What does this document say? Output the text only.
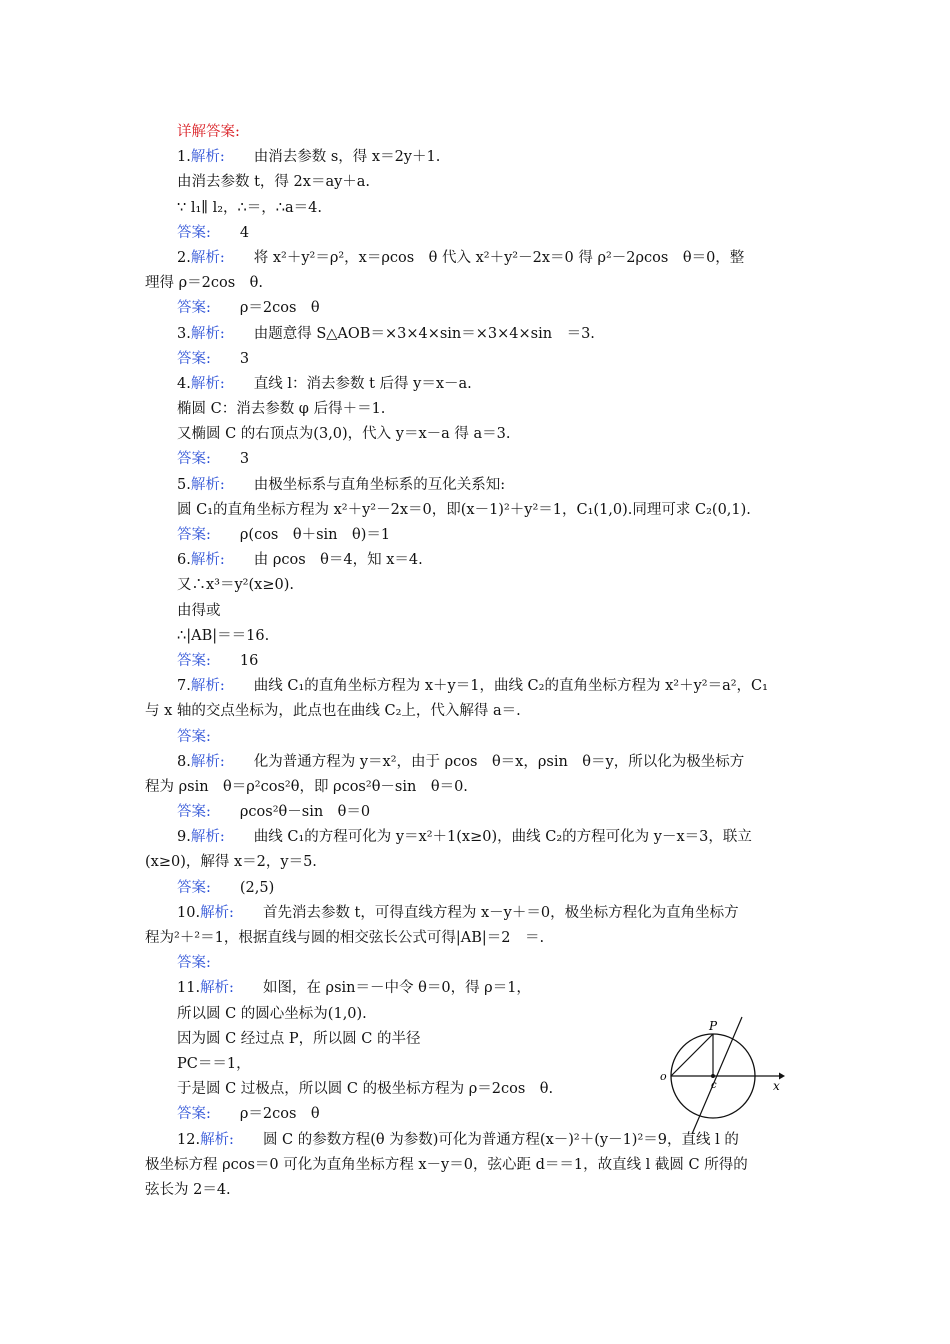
详解答案:
1.解析:　　 由消去参数 s，得 x＝2y＋1.
由消去参数 t，得 2x＝ay＋a.
∵ l₁∥ l₂，∴＝，∴a＝4.
答案:　　 4
2.解析:　　 将 x²＋y²＝ρ²，x＝ρcos　θ 代入 x²＋y²－2x＝0 得 ρ²－2ρcos　θ＝0，整
理得 ρ＝2cos　θ.
答案:　　 ρ＝2cos　θ
3.解析:　　 由题意得 S△AOB＝×3×4×sin＝×3×4×sin　＝3.
答案:　　 3
4.解析:　　 直线 l：消去参数 t 后得 y＝x－a.
椭圆 C：消去参数 φ 后得＋＝1.
又椭圆 C 的右顶点为(3,0)，代入 y＝x－a 得 a＝3.
答案:　　 3
5.解析:　　 由极坐标系与直角坐标系的互化关系知:
圆 C₁的直角坐标方程为 x²＋y²－2x＝0，即(x－1)²＋y²＝1，C₁(1,0).同理可求 C₂(0,1).
答案:　　 ρ(cos　θ＋sin　θ)＝1
6.解析:　　 由 ρcos　θ＝4，知 x＝4.
又∴x³＝y²(x≥0).
由得或
∴|AB|＝＝16.
答案:　　 16
7.解析:　　 曲线 C₁的直角坐标方程为 x＋y＝1，曲线 C₂的直角坐标方程为 x²＋y²＝a²，C₁
与 x 轴的交点坐标为，此点也在曲线 C₂上，代入解得 a＝.
答案:　　
8.解析:　　 化为普通方程为 y＝x²，由于 ρcos　θ＝x，ρsin　θ＝y，所以化为极坐标方
程为 ρsin　θ＝ρ²cos²θ，即 ρcos²θ－sin　θ＝0.
答案:　　 ρcos²θ－sin　θ＝0
9.解析:　　 曲线 C₁的方程可化为 y＝x²＋1(x≥0)，曲线 C₂的方程可化为 y－x＝3，联立
(x≥0)，解得 x＝2，y＝5.
答案:　　 (2,5)
10.解析:　　 首先消去参数 t，可得直线方程为 x－y＋＝0，极坐标方程化为直角坐标方
程为²＋²＝1，根据直线与圆的相交弦长公式可得|AB|＝2　＝.
答案:　　
11.解析:　　 如图，在 ρsin＝－中令 θ＝0，得 ρ＝1，
所以圆 C 的圆心坐标为(1,0).
因为圆 C 经过点 P，所以圆 C 的半径
PC＝＝1，
于是圆 C 过极点，所以圆 C 的极坐标方程为 ρ＝2cos　θ.
答案:　　 ρ＝2cos　θ
12.解析:　　 圆 C 的参数方程(θ 为参数)可化为普通方程(x－)²＋(y－1)²＝9，直线 l 的
极坐标方程 ρcos＝0 可化为直角坐标方程 x－y＝0，弦心距 d＝＝1，故直线 l 截圆 C 所得的
弦长为 2＝4.
P
o
c	x
